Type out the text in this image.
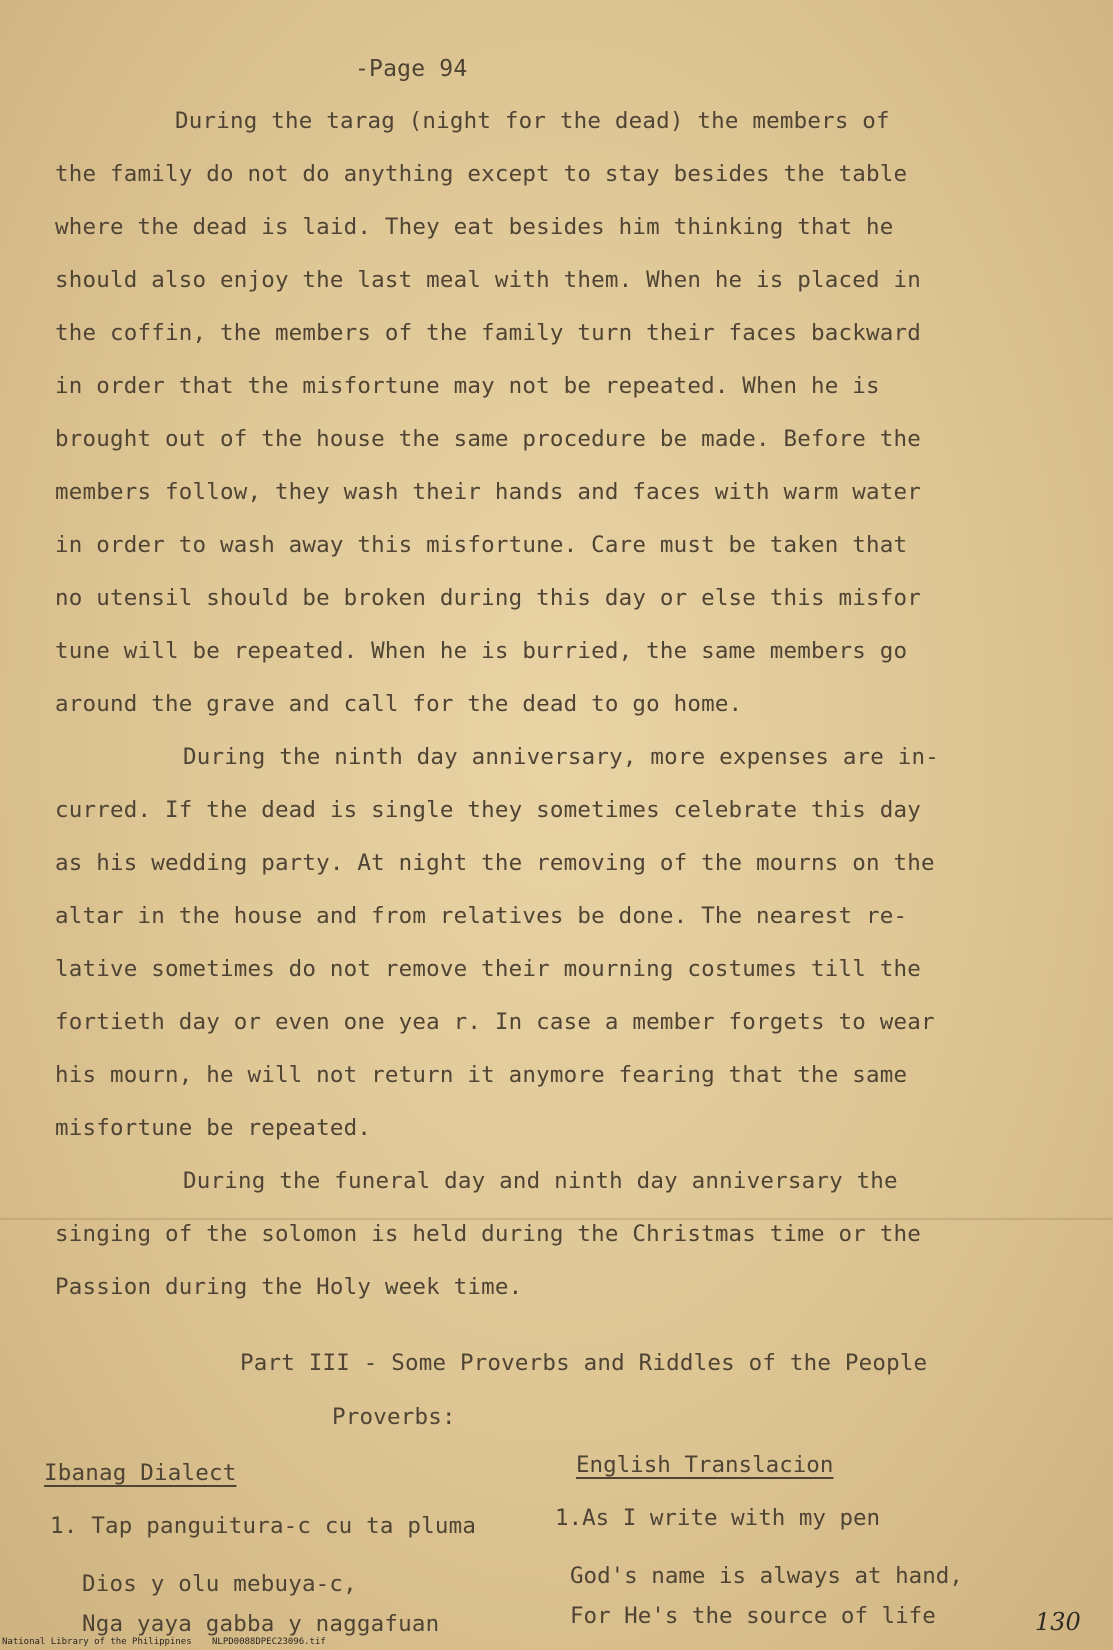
-Page 94
During the tarag (night for the dead) the members of
the family do not do anything except to stay besides the table
where the dead is laid. They eat besides him thinking that he
should also enjoy the last meal with them. When he is placed in
the coffin, the members of the family turn their faces backward
in order that the misfortune may not be repeated. When he is
brought out of the house the same procedure be made. Before the
members follow, they wash their hands and faces with warm water
in order to wash away this misfortune. Care must be taken that
no utensil should be broken during this day or else this misfor
tune will be repeated. When he is burried, the same members go
around the grave and call for the dead to go home.
During the ninth day anniversary, more expenses are in-
curred. If the dead is single they sometimes celebrate this day
as his wedding party. At night the removing of the mourns on the
altar in the house and from relatives be done. The nearest re-
lative sometimes do not remove their mourning costumes till the
fortieth day or even one yea r. In case a member forgets to wear
his mourn, he will not return it anymore fearing that the same
misfortune be repeated.
During the funeral day and ninth day anniversary the
singing of the solomon is held during the Christmas time or the
Passion during the Holy week time.
Part III - Some Proverbs and Riddles of the People
Proverbs:
Ibanag Dialect	English Translacion
1. Tap panguitura-c cu ta pluma
Dios y olu mebuya-c,
Nga yaya gabba y naggafuan
1.As I write with my pen
God's name is always at hand,
For He's the source of life	130
National Library of the Philippines NLPD0088DPEC23096.tif
